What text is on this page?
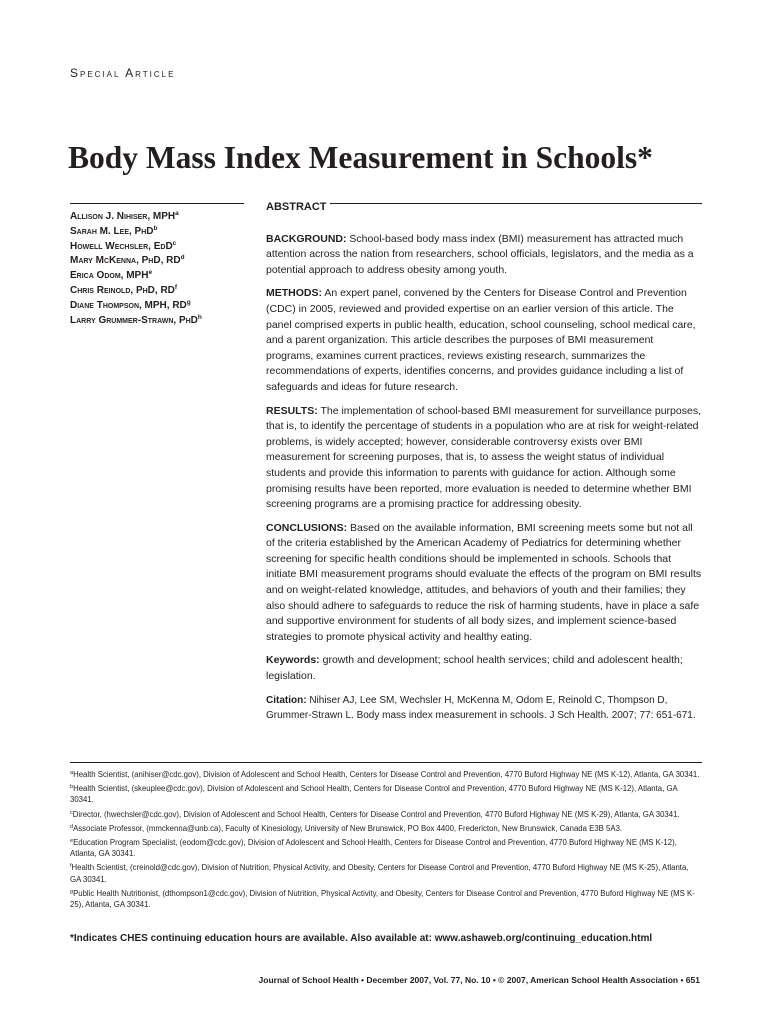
Special Article
Body Mass Index Measurement in Schools*
Allison J. Nihiser, MPH$^a$
Sarah M. Lee, PhD$^b$
Howell Wechsler, EdD$^c$
Mary McKenna, PhD, $RD^d$
Erica Odom, MPH$^e$
Chris Reinold, PhD, $RD^f$
Diane Thompson, MPH, $RD^g$
Larry Grummer-Strawn, PhD$^h$
ABSTRACT

BACKGROUND: School-based body mass index (BMI) measurement has attracted much attention across the nation from researchers, school officials, legislators, and the media as a potential approach to address obesity among youth.

METHODS: An expert panel, convened by the Centers for Disease Control and Prevention (CDC) in 2005, reviewed and provided expertise on an earlier version of this article. The panel comprised experts in public health, education, school counseling, school medical care, and a parent organization. This article describes the purposes of BMI measurement programs, examines current practices, reviews existing research, summarizes the recommendations of experts, identifies concerns, and provides guidance including a list of safeguards and ideas for future research.

RESULTS: The implementation of school-based BMI measurement for surveillance purposes, that is, to identify the percentage of students in a population who are at risk for weight-related problems, is widely accepted; however, considerable controversy exists over BMI measurement for screening purposes, that is, to assess the weight status of individual students and provide this information to parents with guidance for action. Although some promising results have been reported, more evaluation is needed to determine whether BMI screening programs are a promising practice for addressing obesity.

CONCLUSIONS: Based on the available information, BMI screening meets some but not all of the criteria established by the American Academy of Pediatrics for determining whether screening for specific health conditions should be implemented in schools. Schools that initiate BMI measurement programs should evaluate the effects of the program on BMI results and on weight-related knowledge, attitudes, and behaviors of youth and their families; they also should adhere to safeguards to reduce the risk of harming students, have in place a safe and supportive environment for students of all body sizes, and implement science-based strategies to promote physical activity and healthy eating.

Keywords: growth and development; school health services; child and adolescent health; legislation.

Citation: Nihiser AJ, Lee SM, Wechsler H, McKenna M, Odom E, Reinold C, Thompson D, Grummer-Strawn L. Body mass index measurement in schools. J Sch Health. 2007; 77: 651-671.

$^a$Health Scientist, (anihiser@cdc.gov), Division of Adolescent and School Health, Centers for Disease Control and Prevention, 4770 Buford Highway NE (MS K-12), Atlanta, GA 30341.

$^b$Health Scientist, (skeuplee@cdc.gov), Division of Adolescent and School Health, Centers for Disease Control and Prevention, 4770 Buford Highway NE (MS K-12), Atlanta, GA 30341.

$^c$Director, (hwechsler@cdc.gov), Division of Adolescent and School Health, Centers for Disease Control and Prevention, 4770 Buford Highway NE (MS K-29), Atlanta, GA 30341.

$^d$Associate Professor, (mmckenna@unb.ca), Faculty of Kinesiology, University of New Brunswick, PO Box 4400, Fredericton, New Brunswick, Canada E3B 5A3.

$^e$Education Program Specialist, (eodom@cdc.gov), Division of Adolescent and School Health, Centers for Disease Control and Prevention, 4770 Buford Highway NE (MS K-12), Atlanta, GA 30341.

$^f$Health Scientist, (creinold@cdc.gov), Division of Nutrition, Physical Activity, and Obesity, Centers for Disease Control and Prevention, 4770 Buford Highway NE (MS K-25), Atlanta, GA 30341.

$^g$Public Health Nutritionist, (dthompson1@cdc.gov), Division of Nutrition, Physical Activity, and Obesity, Centers for Disease Control and Prevention, 4770 Buford Highway NE (MS K-25), Atlanta, GA 30341.

*Indicates CHES continuing education hours are available. Also available at: www.ashaweb.org/continuing_education.html
Journal of School Health • December 2007, Vol. 77, No. 10 • © 2007, American School Health Association • 651
